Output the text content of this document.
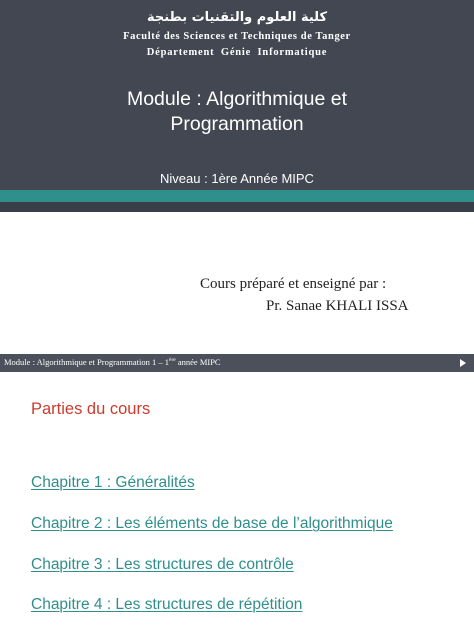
كلية العلوم والتقنيات بطنجة
Faculté des Sciences et Techniques de Tanger
Département Génie Informatique
Module : Algorithmique et
Programmation
Niveau : 1ère Année MIPC
Cours préparé et enseigné par :
Pr. Sanae KHALI ISSA
Module : Algorithmique et Programmation 1 – 1ère année MIPC
Parties du cours
Chapitre 1 : Généralités
Chapitre 2 : Les éléments de base de l’algorithmique
Chapitre 3 : Les structures de contrôle
Chapitre 4 : Les structures de répétition
